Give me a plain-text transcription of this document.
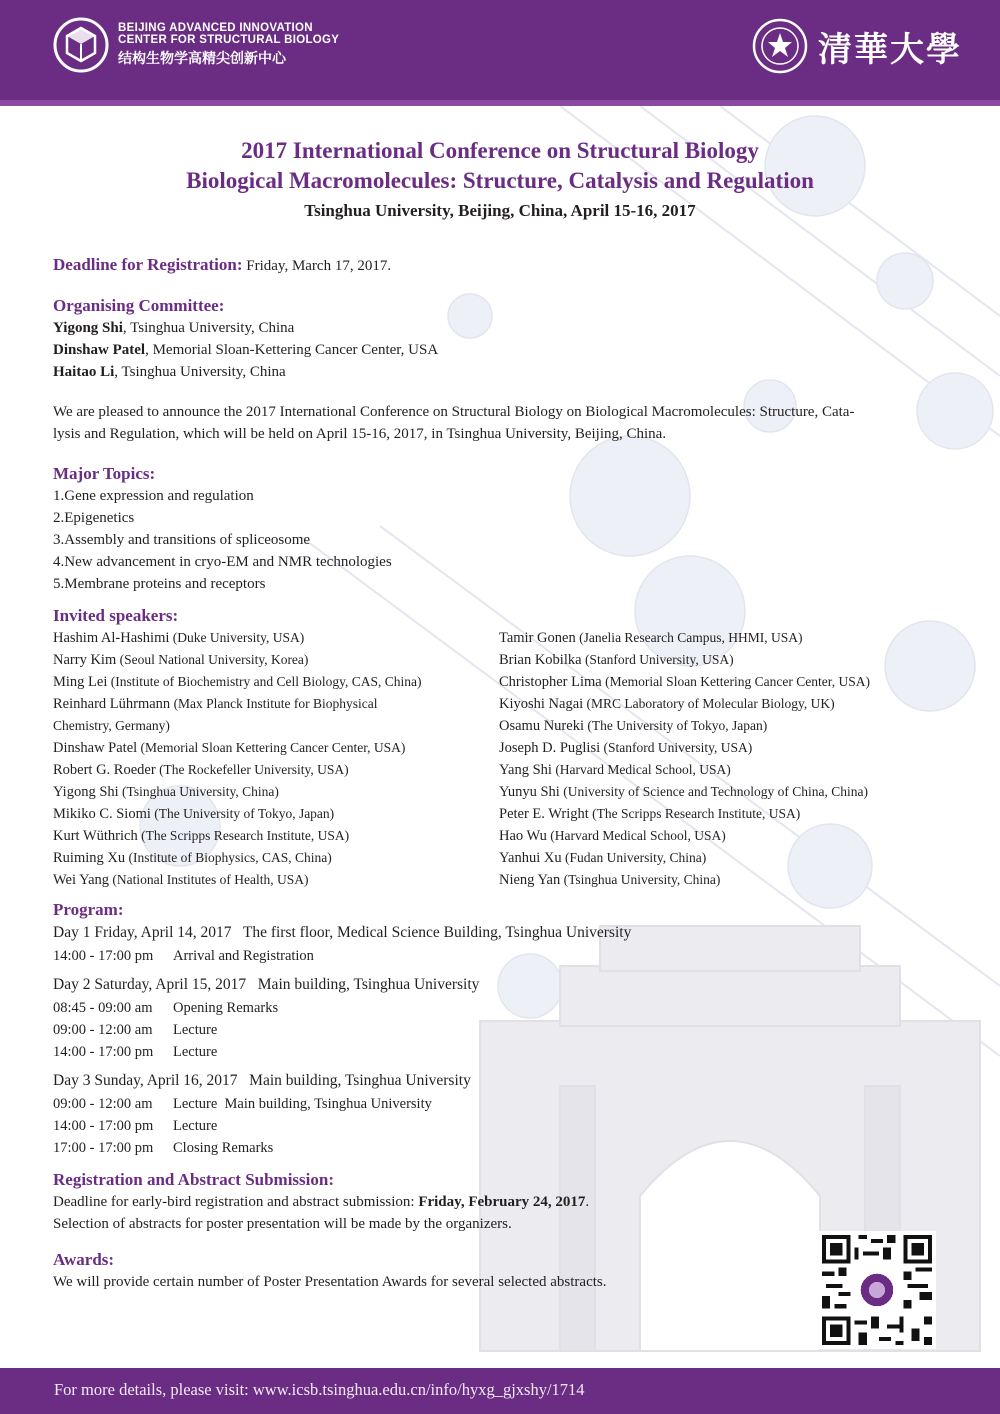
BEIJING ADVANCED INNOVATION
CENTER FOR STRUCTURAL BIOLOGY
结构生物学高精尖创新中心	清華大學
2017 International Conference on Structural Biology
Biological Macromolecules: Structure, Catalysis and Regulation
Tsinghua University, Beijing, China, April 15-16, 2017
Deadline for Registration: Friday, March 17, 2017.
Organising Committee:
Yigong Shi, Tsinghua University, China
Dinshaw Patel, Memorial Sloan-Kettering Cancer Center, USA
Haitao Li, Tsinghua University, China
We are pleased to announce the 2017 International Conference on Structural Biology on Biological Macromolecules: Structure, Cata-
lysis and Regulation, which will be held on April 15-16, 2017, in Tsinghua University, Beijing, China.
Major Topics:
1.Gene expression and regulation
2.Epigenetics
3.Assembly and transitions of spliceosome
4.New advancement in cryo-EM and NMR technologies
5.Membrane proteins and receptors
Invited speakers:
Hashim Al-Hashimi (Duke University, USA)
Narry Kim (Seoul National University, Korea)
Ming Lei (Institute of Biochemistry and Cell Biology, CAS, China)
Reinhard Lührmann (Max Planck Institute for Biophysical
Chemistry, Germany)
Dinshaw Patel (Memorial Sloan Kettering Cancer Center, USA)
Robert G. Roeder (The Rockefeller University, USA)
Yigong Shi (Tsinghua University, China)
Mikiko C. Siomi (The University of Tokyo, Japan)
Kurt Wüthrich (The Scripps Research Institute, USA)
Ruiming Xu (Institute of Biophysics, CAS, China)
Wei Yang (National Institutes of Health, USA)
Tamir Gonen (Janelia Research Campus, HHMI, USA)
Brian Kobilka (Stanford University, USA)
Christopher Lima (Memorial Sloan Kettering Cancer Center, USA)
Kiyoshi Nagai (MRC Laboratory of Molecular Biology, UK)
Osamu Nureki (The University of Tokyo, Japan)
Joseph D. Puglisi (Stanford University, USA)
Yang Shi (Harvard Medical School, USA)
Yunyu Shi (University of Science and Technology of China, China)
Peter E. Wright (The Scripps Research Institute, USA)
Hao Wu (Harvard Medical School, USA)
Yanhui Xu (Fudan University, China)
Nieng Yan (Tsinghua University, China)
Program:
Day 1 Friday, April 14, 2017   The first floor, Medical Science Building, Tsinghua University
14:00 - 17:00 pm Arrival and Registration
Day 2 Saturday, April 15, 2017   Main building, Tsinghua University
08:45 - 09:00 am Opening Remarks
09:00 - 12:00 am Lecture
14:00 - 17:00 pm Lecture
Day 3 Sunday, April 16, 2017   Main building, Tsinghua University
09:00 - 12:00 am Lecture  Main building, Tsinghua University
14:00 - 17:00 pm Lecture
17:00 - 17:00 pm Closing Remarks
Registration and Abstract Submission:
Deadline for early-bird registration and abstract submission: Friday, February 24, 2017.
Selection of abstracts for poster presentation will be made by the organizers.
Awards:
We will provide certain number of Poster Presentation Awards for several selected abstracts.
For more details, please visit: www.icsb.tsinghua.edu.cn/info/hyxg_gjxshy/1714
